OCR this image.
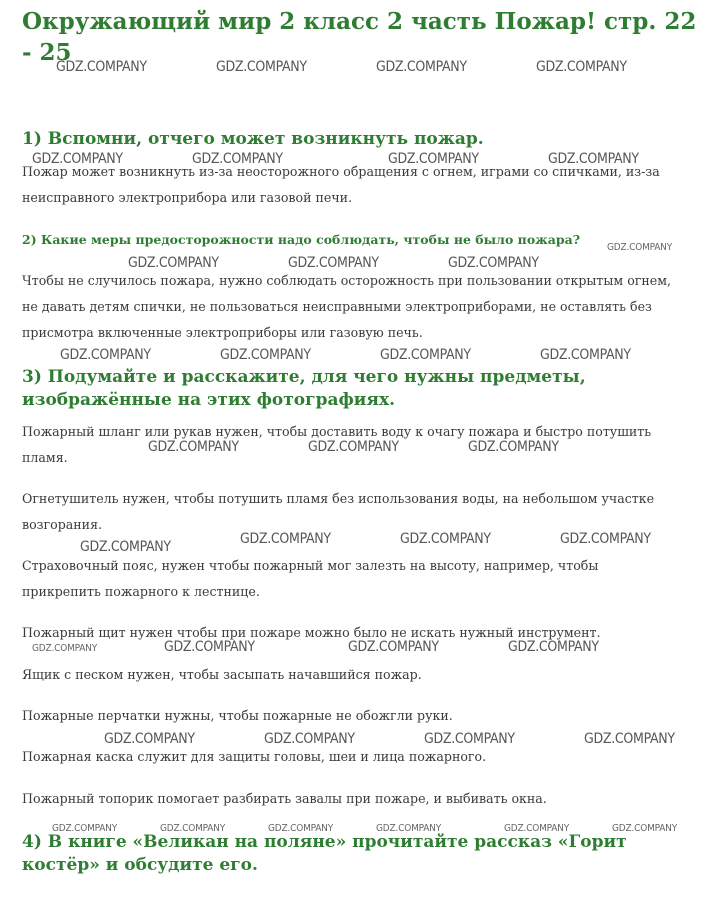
Окружающий мир 2 класс 2 часть Пожар! стр. 22 - 25
1) Вспомни, отчего может возникнуть пожар.

Пожар может возникнуть из-за неосторожного обращения с огнем, играми со спичками, из-за неисправного электроприбора или газовой печи.

2) Какие меры предосторожности надо соблюдать, чтобы не было пожара?

Чтобы не случилось пожара, нужно соблюдать осторожность при пользовании открытым огнем, не давать детям спички, не пользоваться неисправными электроприборами, не оставлять без присмотра включенные электроприборы или газовую печь.

3) Подумайте и расскажите, для чего нужны предметы, изображённые на этих фотографиях.

Пожарный шланг или рукав нужен, чтобы доставить воду к очагу пожара и быстро потушить пламя.

Огнетушитель нужен, чтобы потушить пламя без использования воды, на небольшом участке возгорания.

Страховочный пояс, нужен чтобы пожарный мог залезть на высоту, например, чтобы прикрепить пожарного к лестнице.

Пожарный щит нужен чтобы при пожаре можно было не искать нужный инструмент.

Ящик с песком нужен, чтобы засыпать начавшийся пожар.

Пожарные перчатки нужны, чтобы пожарные не обожгли руки.

Пожарная каска служит для защиты головы, шеи и лица пожарного.

Пожарный топорик помогает разбирать завалы при пожаре, и выбивать окна.

4) В книге «Великан на поляне» прочитайте рассказ «Горит костёр» и обсудите его.
GDZ.COMPANY	GDZ.COMPANY	GDZ.COMPANY	GDZ.COMPANY
GDZ.COMPANY	GDZ.COMPANY	GDZ.COMPANY	GDZ.COMPANY
GDZ.COMPANY
GDZ.COMPANY	GDZ.COMPANY	GDZ.COMPANY
GDZ.COMPANY	GDZ.COMPANY	GDZ.COMPANY	GDZ.COMPANY
GDZ.COMPANY	GDZ.COMPANY	GDZ.COMPANY
GDZ.COMPANY	GDZ.COMPANY	GDZ.COMPANY	GDZ.COMPANY
GDZ.COMPANY	GDZ.COMPANY	GDZ.COMPANY	GDZ.COMPANY
GDZ.COMPANY	GDZ.COMPANY	GDZ.COMPANY	GDZ.COMPANY
GDZ.COMPANY	GDZ.COMPANY	GDZ.COMPANY	GDZ.COMPANY	GDZ.COMPANY	GDZ.COMPANY
